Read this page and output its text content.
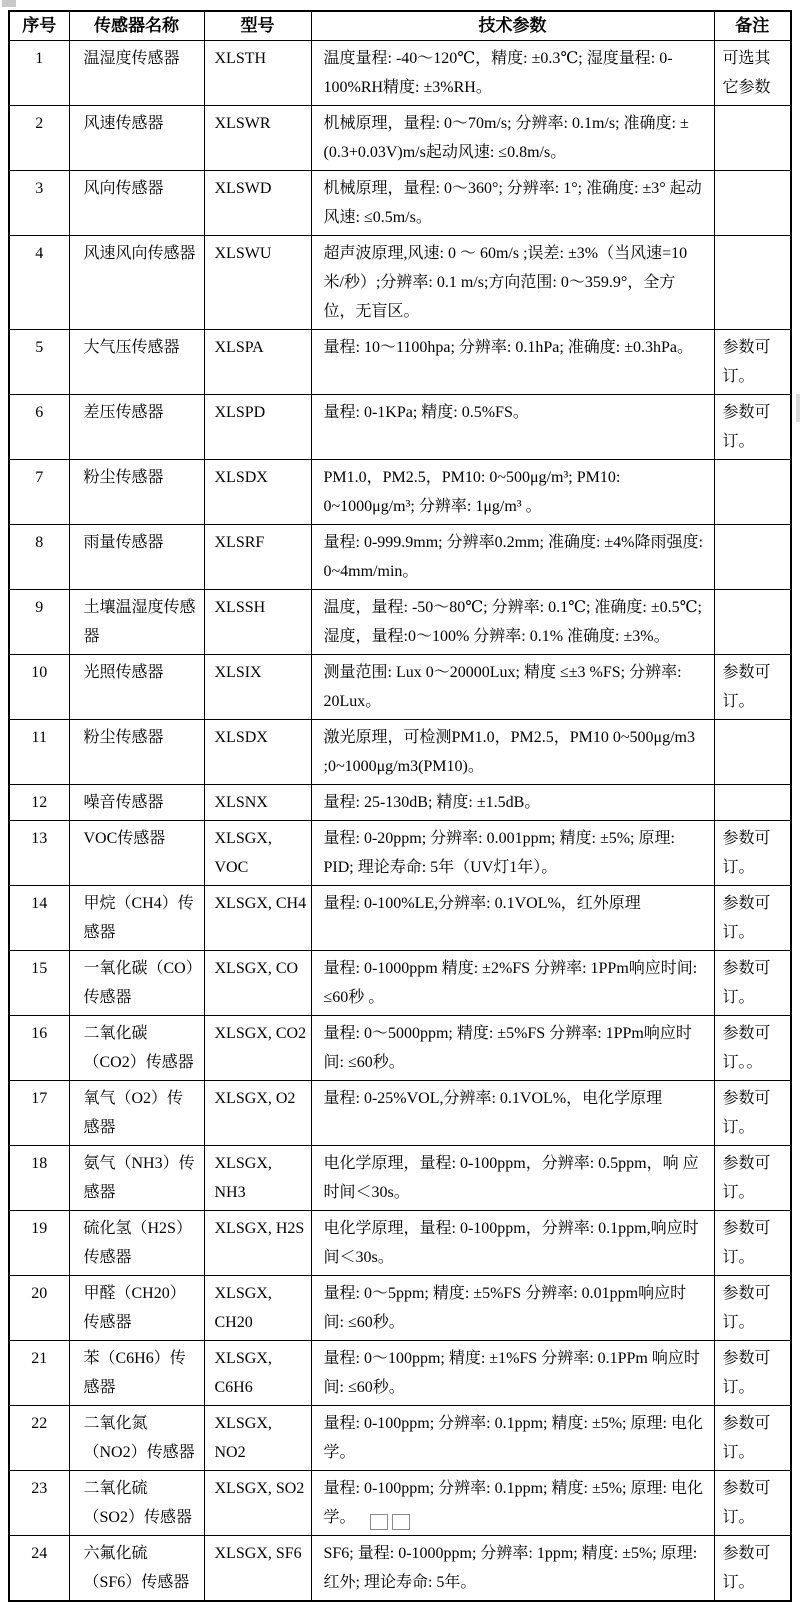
序号	传感器名称	型号	技术参数	备注
1	温湿度传感器	XLSTH	温度量程: -40～120℃，精度: ±0.3℃; 湿度量程: 0-100%RH精度: ±3%RH。	可选其它参数
2	风速传感器	XLSWR	机械原理，量程: 0～70m/s; 分辨率: 0.1m/s; 准确度: ±(0.3+0.03V)m/s起动风速: ≤0.8m/s。	
3	风向传感器	XLSWD	机械原理，量程: 0～360°; 分辨率: 1°; 准确度: ±3° 起动风速: ≤0.5m/s。	
4	风速风向传感器	XLSWU	超声波原理,风速: 0 ～ 60m/s ;误差: ±3%（当风速=10米/秒）;分辨率: 0.1 m/s;方向范围: 0～359.9°，全方位，无盲区。	
5	大气压传感器	XLSPA	量程: 10～1100hpa; 分辨率: 0.1hPa; 准确度: ±0.3hPa。	参数可订。
6	差压传感器	XLSPD	量程: 0-1KPa; 精度: 0.5%FS。	参数可订。
7	粉尘传感器	XLSDX	PM1.0，PM2.5，PM10: 0~500μg/m³; PM10: 0~1000μg/m³; 分辨率: 1μg/m³ 。	
8	雨量传感器	XLSRF	量程: 0-999.9mm; 分辨率0.2mm; 准确度: ±4%降雨强度: 0~4mm/min。	
9	土壤温湿度传感器	XLSSH	温度，量程: -50～80℃; 分辨率: 0.1℃; 准确度: ±0.5℃; 湿度，量程:0～100% 分辨率: 0.1% 准确度: ±3%。	
10	光照传感器	XLSIX	测量范围: Lux 0～20000Lux; 精度 ≤±3 %FS; 分辨率: 20Lux。	参数可订。
11	粉尘传感器	XLSDX	激光原理，可检测PM1.0，PM2.5，PM10 0~500μg/m3 ;0~1000μg/m3(PM10)。	
12	噪音传感器	XLSNX	量程: 25-130dB; 精度: ±1.5dB。	
13	VOC传感器	XLSGX, VOC	量程: 0-20ppm; 分辨率: 0.001ppm; 精度: ±5%; 原理: PID; 理论寿命: 5年（UV灯1年）。	参数可订。
14	甲烷（CH4）传感器	XLSGX, CH4	量程: 0-100%LE,分辨率: 0.1VOL%，红外原理	参数可订。
15	一氧化碳（CO）传感器	XLSGX, CO	量程: 0-1000ppm 精度: ±2%FS 分辨率: 1PPm响应时间: ≤60秒 。	参数可订。
16	二氧化碳（CO2）传感器	XLSGX, CO2	量程: 0～5000ppm; 精度: ±5%FS 分辨率: 1PPm响应时间: ≤60秒。	参数可订。。
17	氧气（O2）传感器	XLSGX, O2	量程: 0-25%VOL,分辨率: 0.1VOL%，电化学原理	参数可订。
18	氨气（NH3）传感器	XLSGX, NH3	电化学原理，量程: 0-100ppm，分辨率: 0.5ppm，响 应时间＜30s。	参数可订。
19	硫化氢（H2S）传感器	XLSGX, H2S	电化学原理，量程: 0-100ppm，分辨率: 0.1ppm,响应时间＜30s。	参数可订。
20	甲醛（CH20）传感器	XLSGX, CH20	量程: 0～5ppm; 精度: ±5%FS 分辨率: 0.01ppm响应时间: ≤60秒。	参数可订。
21	苯（C6H6）传感器	XLSGX, C6H6	量程: 0～100ppm; 精度: ±1%FS 分辨率: 0.1PPm 响应时间: ≤60秒。	参数可订。
22	二氧化氮（NO2）传感器	XLSGX, NO2	量程: 0-100ppm; 分辨率: 0.1ppm; 精度: ±5%; 原理: 电化学。	参数可订。
23	二氧化硫（SO2）传感器	XLSGX, SO2	量程: 0-100ppm; 分辨率: 0.1ppm; 精度: ±5%; 原理: 电化学。	参数可订。
24	六氟化硫（SF6）传感器	XLSGX, SF6	SF6; 量程: 0-1000ppm; 分辨率: 1ppm; 精度: ±5%; 原理: 红外; 理论寿命: 5年。	参数可订。
